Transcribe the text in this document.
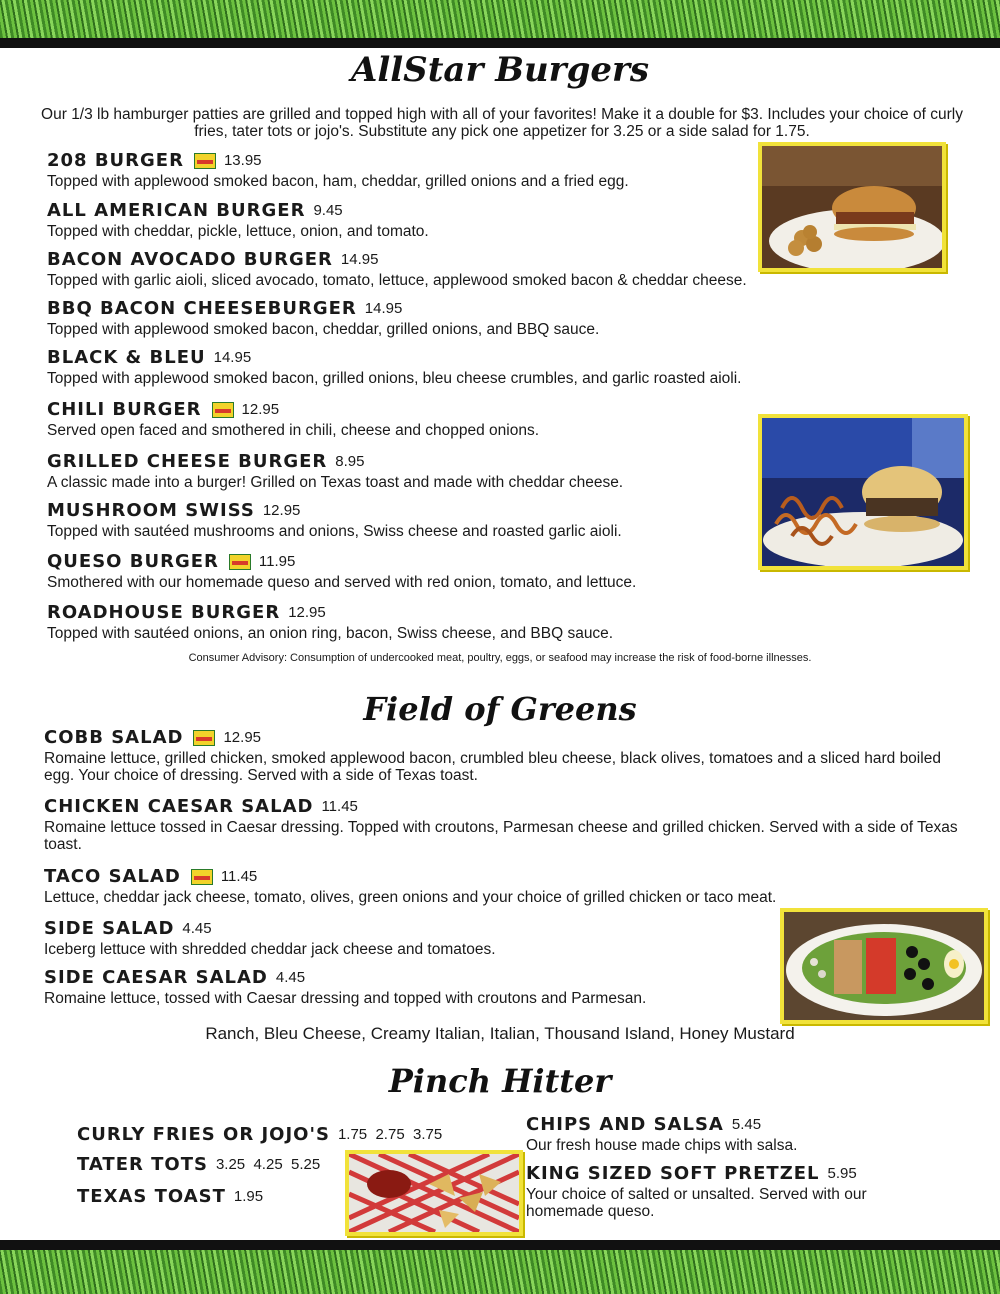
AllStar Burgers
Our 1/3 lb hamburger patties are grilled and topped high with all of your favorites! Make it a double for $3. Includes your choice of curly fries, tater tots or jojo's. Substitute any pick one appetizer for 3.25 or a side salad for 1.75.
208 BURGER	13.95
Topped with applewood smoked bacon, ham, cheddar, grilled onions and a fried egg.
ALL AMERICAN BURGER 9.45
Topped with cheddar, pickle, lettuce, onion, and tomato.
BACON AVOCADO BURGER 14.95
Topped with garlic aioli, sliced avocado, tomato, lettuce, applewood smoked bacon & cheddar cheese.
BBQ BACON CHEESEBURGER 14.95
Topped with applewood smoked bacon, cheddar, grilled onions, and BBQ sauce.
BLACK & BLEU 14.95
Topped with applewood smoked bacon, grilled onions, bleu cheese crumbles, and garlic roasted aioli.
CHILI BURGER	12.95
Served open faced and smothered in chili, cheese and chopped onions.
GRILLED CHEESE BURGER 8.95
A classic made into a burger! Grilled on Texas toast and made with cheddar cheese.
MUSHROOM SWISS 12.95
Topped with sautéed mushrooms and onions, Swiss cheese and roasted garlic aioli.
QUESO BURGER	11.95
Smothered with our homemade queso and served with red onion, tomato, and lettuce.
ROADHOUSE BURGER 12.95
Topped with sautéed onions, an onion ring, bacon, Swiss cheese, and BBQ sauce.
Consumer Advisory: Consumption of undercooked meat, poultry, eggs, or seafood may increase the risk of food-borne illnesses.
Field of Greens
COBB SALAD	12.95
Romaine lettuce, grilled chicken, smoked applewood bacon, crumbled bleu cheese, black olives, tomatoes and a sliced hard boiled egg. Your choice of dressing. Served with a side of Texas toast.
CHICKEN CAESAR SALAD 11.45
Romaine lettuce tossed in Caesar dressing. Topped with croutons, Parmesan cheese and grilled chicken. Served with a side of Texas toast.
TACO SALAD	11.45
Lettuce, cheddar jack cheese, tomato, olives, green onions and your choice of grilled chicken or taco meat.
SIDE SALAD 4.45
Iceberg lettuce with shredded cheddar jack cheese and tomatoes.
SIDE CAESAR SALAD 4.45
Romaine lettuce, tossed with Caesar dressing and topped with croutons and Parmesan.
Ranch, Bleu Cheese, Creamy Italian, Italian, Thousand Island, Honey Mustard
Pinch Hitter
CURLY FRIES OR JOJO'S 1.75  2.75  3.75
TATER TOTS 3.25  4.25  5.25
TEXAS TOAST 1.95
CHIPS AND SALSA 5.45
Our fresh house made chips with salsa.
KING SIZED SOFT PRETZEL 5.95
Your choice of salted or unsalted. Served with our homemade queso.
